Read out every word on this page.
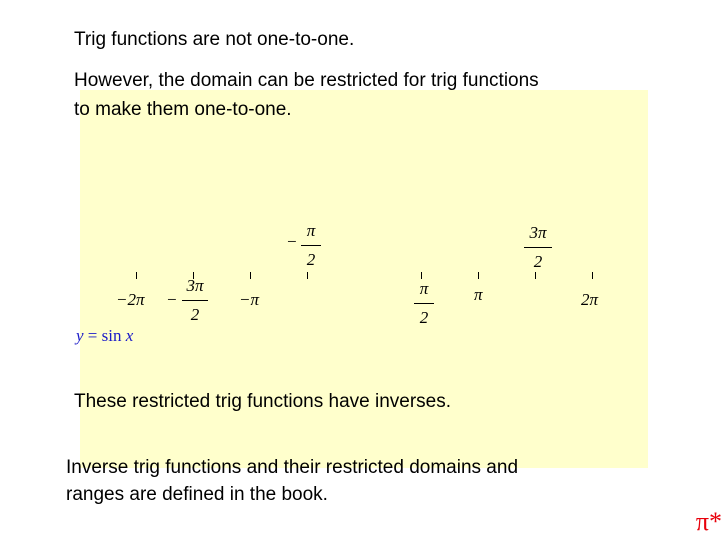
Trig functions are not one-to-one.
However, the domain can be restricted for trig functions
to make them one-to-one.
−2π −
3π
2
−π
−
π
2
π
2
π
3π
2
2π
y = sin x
These restricted trig functions have inverses.
Inverse trig functions and their restricted domains and
ranges are defined in the book.
π*
